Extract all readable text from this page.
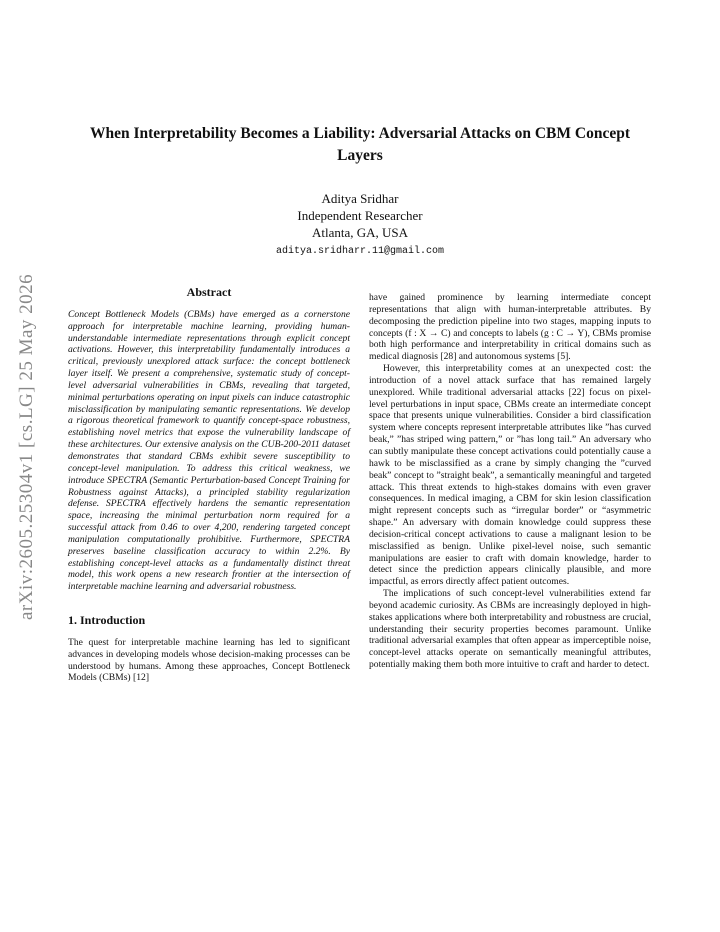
arXiv:2605.25304v1 [cs.LG] 25 May 2026
When Interpretability Becomes a Liability: Adversarial Attacks on CBM Concept Layers
Aditya Sridhar
Independent Researcher
Atlanta, GA, USA
aditya.sridharr.11@gmail.com
Abstract

Concept Bottleneck Models (CBMs) have emerged as a cornerstone approach for interpretable machine learning, providing human-understandable intermediate representations through explicit concept activations. However, this interpretability fundamentally introduces a critical, previously unexplored attack surface: the concept bottleneck layer itself. We present a comprehensive, systematic study of concept-level adversarial vulnerabilities in CBMs, revealing that targeted, minimal perturbations operating on input pixels can induce catastrophic misclassification by manipulating semantic representations. We develop a rigorous theoretical framework to quantify concept-space robustness, establishing novel metrics that expose the vulnerability landscape of these architectures. Our extensive analysis on the CUB-200-2011 dataset demonstrates that standard CBMs exhibit severe susceptibility to concept-level manipulation. To address this critical weakness, we introduce SPECTRA (Semantic Perturbation-based Concept Training for Robustness against Attacks), a principled stability regularization defense. SPECTRA effectively hardens the semantic representation space, increasing the minimal perturbation norm required for a successful attack from 0.46 to over 4,200, rendering targeted concept manipulation computationally prohibitive. Furthermore, SPECTRA preserves baseline classification accuracy to within 2.2%. By establishing concept-level attacks as a fundamentally distinct threat model, this work opens a new research frontier at the intersection of interpretable machine learning and adversarial robustness.

1. Introduction

The quest for interpretable machine learning has led to significant advances in developing models whose decision-making processes can be understood by humans. Among these approaches, Concept Bottleneck Models (CBMs) [12]

have gained prominence by learning intermediate concept representations that align with human-interpretable attributes. By decomposing the prediction pipeline into two stages, mapping inputs to concepts (f : X → C) and concepts to labels (g : C → Y), CBMs promise both high performance and interpretability in critical domains such as medical diagnosis [28] and autonomous systems [5].

However, this interpretability comes at an unexpected cost: the introduction of a novel attack surface that has remained largely unexplored. While traditional adversarial attacks [22] focus on pixel-level perturbations in input space, CBMs create an intermediate concept space that presents unique vulnerabilities. Consider a bird classification system where concepts represent interpretable attributes like ”has curved beak,” ”has striped wing pattern,” or ”has long tail.” An adversary who can subtly manipulate these concept activations could potentially cause a hawk to be misclassified as a crane by simply changing the ”curved beak” concept to ”straight beak”, a semantically meaningful and targeted attack. This threat extends to high-stakes domains with even graver consequences. In medical imaging, a CBM for skin lesion classification might represent concepts such as “irregular border” or “asymmetric shape.” An adversary with domain knowledge could suppress these decision-critical concept activations to cause a malignant lesion to be misclassified as benign. Unlike pixel-level noise, such semantic manipulations are easier to craft with domain knowledge, harder to detect since the prediction appears clinically plausible, and more impactful, as errors directly affect patient outcomes.

The implications of such concept-level vulnerabilities extend far beyond academic curiosity. As CBMs are increasingly deployed in high-stakes applications where both interpretability and robustness are crucial, understanding their security properties becomes paramount. Unlike traditional adversarial examples that often appear as imperceptible noise, concept-level attacks operate on semantically meaningful attributes, potentially making them both more intuitive to craft and harder to detect.
